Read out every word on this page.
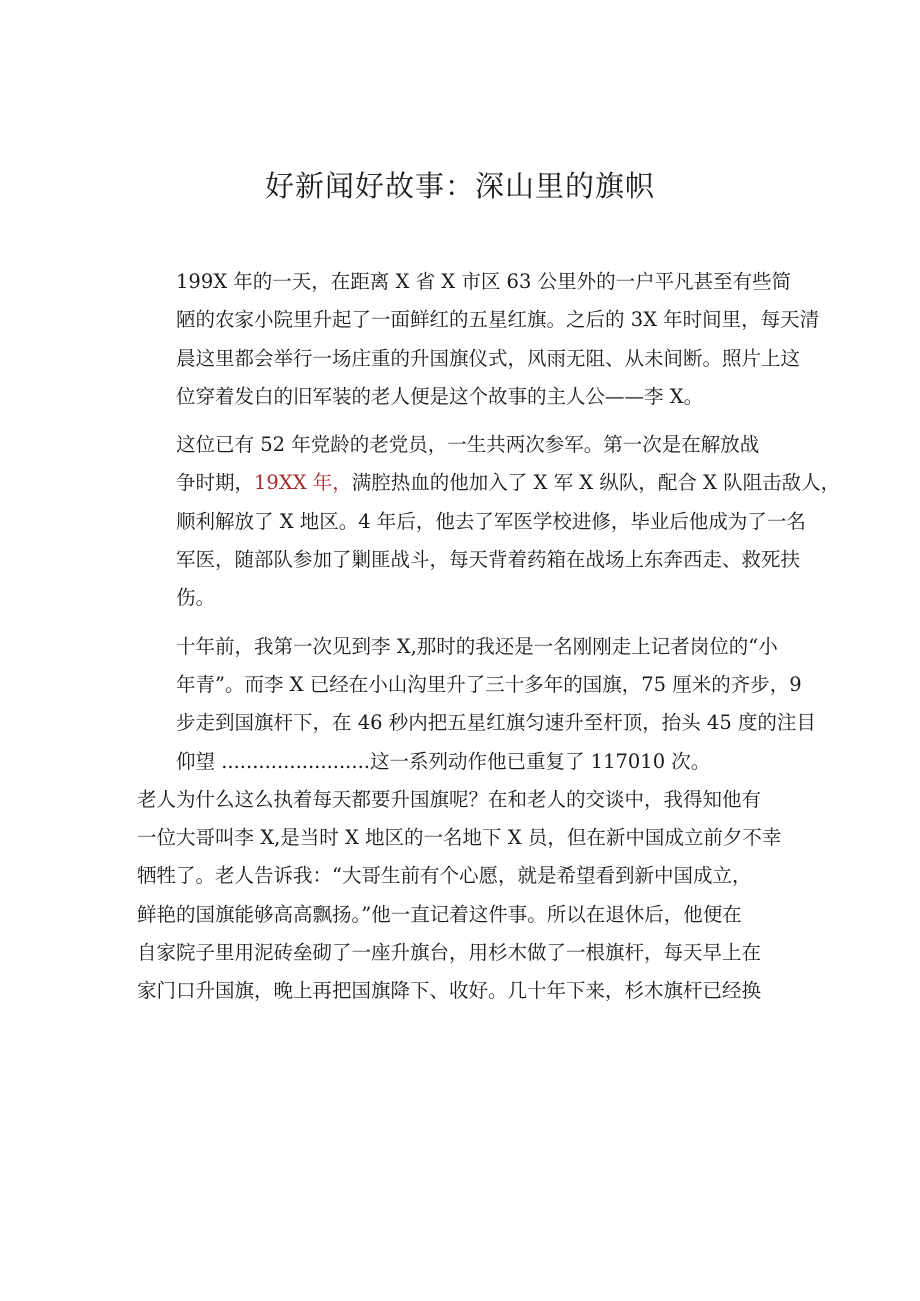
好新闻好故事：深山里的旗帜

199X 年的一天，在距离 X 省 X 市区 63 公里外的一户平凡甚至有些简
陋的农家小院里升起了一面鲜红的五星红旗。之后的 3X 年时间里，每天清
晨这里都会举行一场庄重的升国旗仪式，风雨无阻、从未间断。照片上这
位穿着发白的旧军装的老人便是这个故事的主人公——李 X。

这位已有 52 年党龄的老党员，一生共两次参军。第一次是在解放战
争时期，19XX 年，满腔热血的他加入了 X 军 X 纵队，配合 X 队阻击敌人，
顺利解放了 X 地区。4 年后，他去了军医学校进修，毕业后他成为了一名
军医，随部队参加了剿匪战斗，每天背着药箱在战场上东奔西走、救死扶
伤。

十年前，我第一次见到李 X,那时的我还是一名刚刚走上记者岗位的“小
年青”。而李 X 已经在小山沟里升了三十多年的国旗，75 厘米的齐步，9
步走到国旗杆下，在 46 秒内把五星红旗匀速升至杆顶，抬头 45 度的注目
仰望 ........................这一系列动作他已重复了 117010 次。

老人为什么这么执着每天都要升国旗呢？在和老人的交谈中，我得知他有
一位大哥叫李 X,是当时 X 地区的一名地下 X 员，但在新中国成立前夕不幸
牺牲了。老人告诉我：“大哥生前有个心愿，就是希望看到新中国成立，
鲜艳的国旗能够高高飘扬。”他一直记着这件事。所以在退休后，他便在
自家院子里用泥砖垒砌了一座升旗台，用杉木做了一根旗杆，每天早上在
家门口升国旗，晚上再把国旗降下、收好。几十年下来，杉木旗杆已经换
